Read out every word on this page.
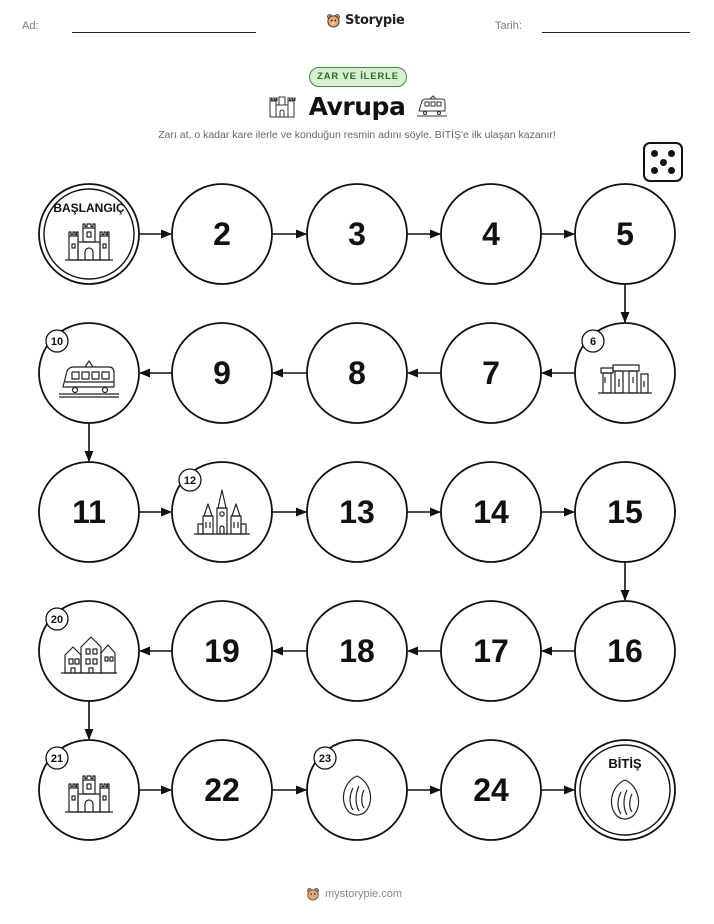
Ad:	Storypie	Tarih:
ZAR VE İLERLE
Avrupa
Zarı at, o kadar kare ilerle ve konduğun resmin adını söyle. BİTİŞ'e ilk ulaşan kazanır!
BAŞLANGIÇ
2	3	4	5
6
7
8
9
10
11
12
13	14	15
16
17
18
19
20
21
22
23
24
BİTİŞ
mystorypie.com
